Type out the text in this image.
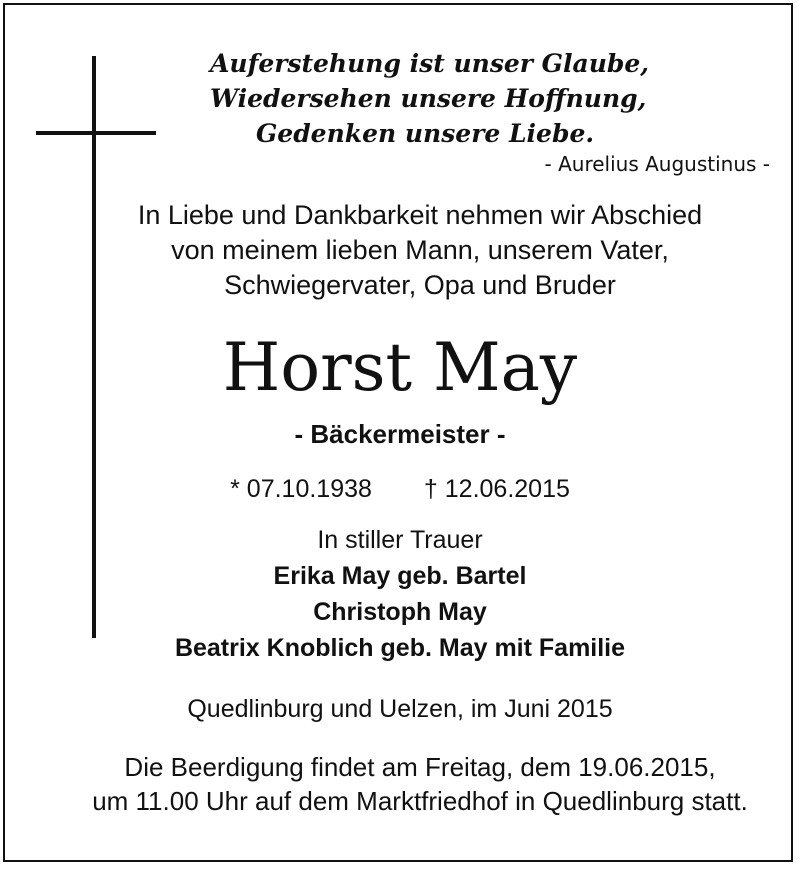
Auferstehung ist unser Glaube,
Wiedersehen unsere Hoffnung,
Gedenken unsere Liebe.
- Aurelius Augustinus -
In Liebe und Dankbarkeit nehmen wir Abschied
von meinem lieben Mann, unserem Vater,
Schwiegervater, Opa und Bruder
Horst May
- Bäckermeister -
* 07.10.1938 † 12.06.2015
In stiller Trauer
Erika May geb. Bartel
Christoph May
Beatrix Knoblich geb. May mit Familie
Quedlinburg und Uelzen, im Juni 2015
Die Beerdigung findet am Freitag, dem 19.06.2015,
um 11.00 Uhr auf dem Marktfriedhof in Quedlinburg statt.
